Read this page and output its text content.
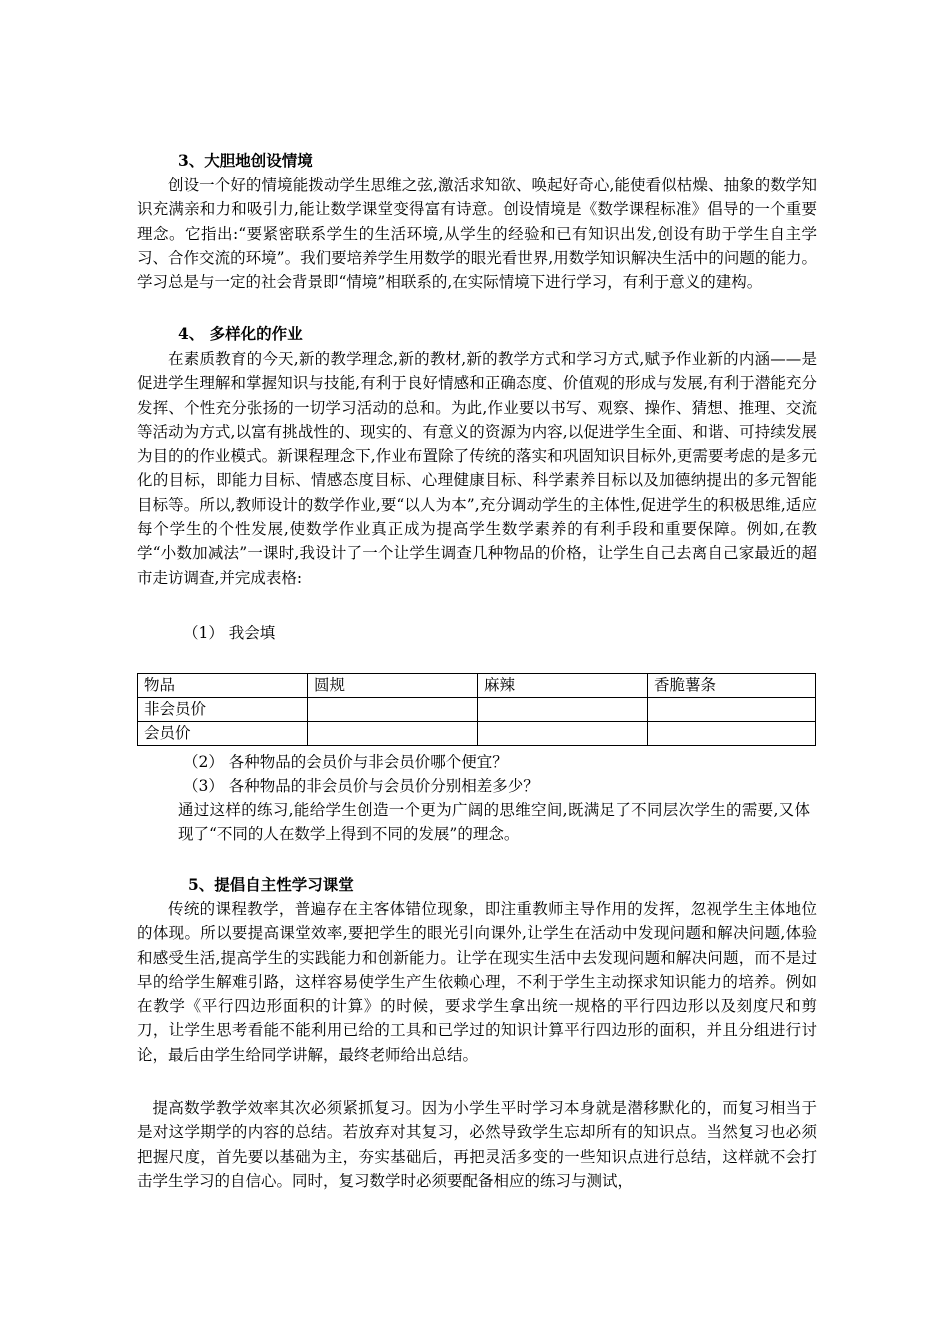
3、大胆地创设情境

创设一个好的情境能拨动学生思维之弦,激活求知欲、唤起好奇心,能使看似枯燥、抽象的数学知识充满亲和力和吸引力,能让数学课堂变得富有诗意。创设情境是《数学课程标准》倡导的一个重要理念。它指出:“要紧密联系学生的生活环境,从学生的经验和已有知识出发,创设有助于学生自主学习、合作交流的环境”。我们要培养学生用数学的眼光看世界,用数学知识解决生活中的问题的能力。学习总是与一定的社会背景即“情境”相联系的,在实际情境下进行学习，有利于意义的建构。

4、 多样化的作业

在素质教育的今天,新的教学理念,新的教材,新的教学方式和学习方式,赋予作业新的内涵——是促进学生理解和掌握知识与技能,有利于良好情感和正确态度、价值观的形成与发展,有利于潜能充分发挥、个性充分张扬的一切学习活动的总和。为此,作业要以书写、观察、操作、猜想、推理、交流等活动为方式,以富有挑战性的、现实的、有意义的资源为内容,以促进学生全面、和谐、可持续发展为目的的作业模式。新课程理念下,作业布置除了传统的落实和巩固知识目标外,更需要考虑的是多元化的目标，即能力目标、情感态度目标、心理健康目标、科学素养目标以及加德纳提出的多元智能目标等。所以,教师设计的数学作业,要“以人为本”,充分调动学生的主体性,促进学生的积极思维,适应每个学生的个性发展,使数学作业真正成为提高学生数学素养的有利手段和重要保障。例如,在教学“小数加减法”一课时,我设计了一个让学生调查几种物品的价格，让学生自己去离自己家最近的超市走访调查,并完成表格:

（1） 我会填
物品	圆规	麻辣	香脆薯条
非会员价			
会员价			
（2） 各种物品的会员价与非会员价哪个便宜？
（3） 各种物品的非会员价与会员价分别相差多少？

通过这样的练习,能给学生创造一个更为广阔的思维空间,既满足了不同层次学生的需要,又体现了“不同的人在数学上得到不同的发展”的理念。

5、提倡自主性学习课堂

传统的课程教学，普遍存在主客体错位现象，即注重教师主导作用的发挥，忽视学生主体地位的体现。所以要提高课堂效率,要把学生的眼光引向课外,让学生在活动中发现问题和解决问题,体验和感受生活,提高学生的实践能力和创新能力。让学在现实生活中去发现问题和解决问题，而不是过早的给学生解难引路，这样容易使学生产生依赖心理，不利于学生主动探求知识能力的培养。例如在教学《平行四边形面积的计算》的时候，要求学生拿出统一规格的平行四边形以及刻度尺和剪刀，让学生思考看能不能利用已给的工具和已学过的知识计算平行四边形的面积，并且分组进行讨论，最后由学生给同学讲解，最终老师给出总结。

提高数学教学效率其次必须紧抓复习。因为小学生平时学习本身就是潜移默化的，而复习相当于是对这学期学的内容的总结。若放弃对其复习，必然导致学生忘却所有的知识点。当然复习也必须把握尺度，首先要以基础为主，夯实基础后，再把灵活多变的一些知识点进行总结，这样就不会打击学生学习的自信心。同时，复习数学时必须要配备相应的练习与测试，
